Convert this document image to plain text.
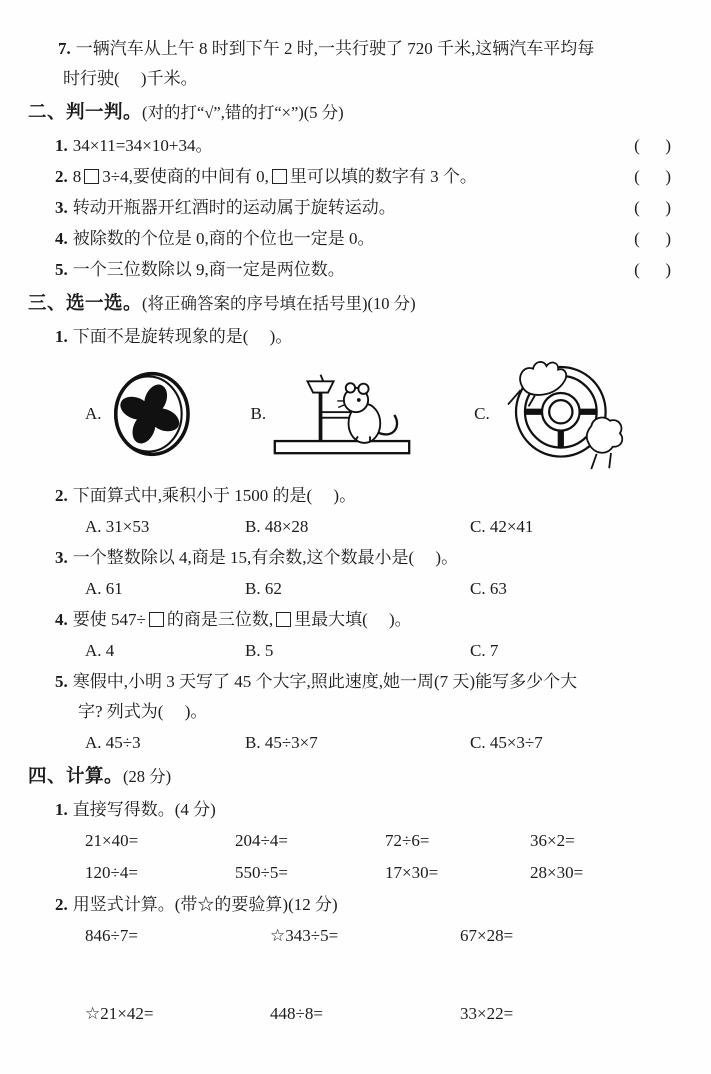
7. 一辆汽车从上午 8 时到下午 2 时,一共行驶了 720 千米,这辆汽车平均每
时行驶(     )千米。
二、判一判。(对的打“√”,错的打“×”)(5 分)
1. 34×11=34×10+34。	(      )
2. 8 3÷4,要使商的中间有 0, 里可以填的数字有 3 个。	(      )
3. 转动开瓶器开红酒时的运动属于旋转运动。	(      )
4. 被除数的个位是 0,商的个位也一定是 0。	(      )
5. 一个三位数除以 9,商一定是两位数。	(      )
三、选一选。(将正确答案的序号填在括号里)(10 分)
1. 下面不是旋转现象的是(     )。
A.	B.	C.
2. 下面算式中,乘积小于 1500 的是(     )。
A. 31×53	B. 48×28	C. 42×41
3. 一个整数除以 4,商是 15,有余数,这个数最小是(     )。
A. 61	B. 62	C. 63
4. 要使 547÷ 的商是三位数, 里最大填(     )。
A. 4	B. 5	C. 7
5. 寒假中,小明 3 天写了 45 个大字,照此速度,她一周(7 天)能写多少个大
字? 列式为(     )。
A. 45÷3	B. 45÷3×7	C. 45×3÷7
四、计算。(28 分)
1. 直接写得数。(4 分)
21×40=	204÷4=	72÷6=	36×2=
120÷4=	550÷5=	17×30=	28×30=
2. 用竖式计算。(带☆的要验算)(12 分)
846÷7=	☆343÷5=	67×28=
☆21×42=	448÷8=	33×22=
